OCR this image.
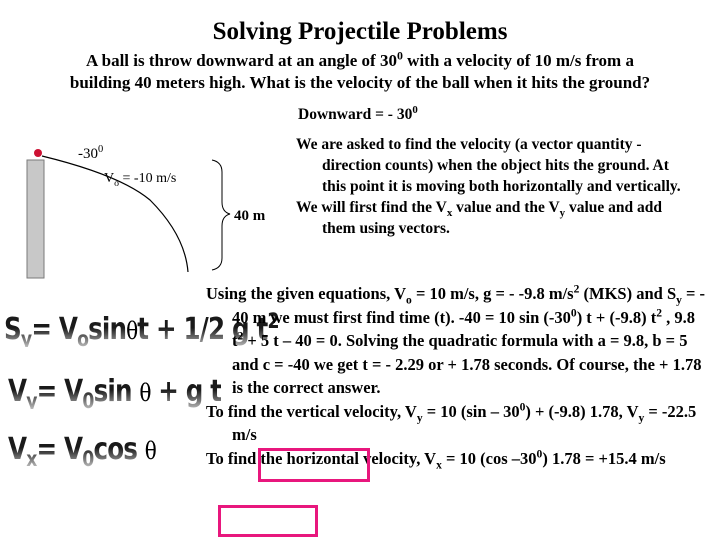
Solving Projectile Problems
A ball is throw downward at an angle of $30^0$ with a velocity of 10 m/s from a
building 40 meters high. What is the velocity of the ball when it hits the ground?
Downward = - $30^0$

We are asked to find the velocity (a vector quantity - direction counts) when the object hits the ground. At this point it is moving both horizontally and vertically.

We will first find the $V_x$ value and the $V_y$ value and add them using vectors.

$-30^0$
$V_o = -10$ m/s
40 m
$S_y= V_o\sin\theta t + 1/2$ g $t^2$
$V_y= V_0\sin$ θ + g t
$V_x= V_0\cos$ θ

Using the given equations, $V_o = 10$ m/s, g = - -9.8 $m/s^2$ (MKS) and $S_y$ = - 40 m we must first find time (t). -40 = 10 $\sin (-30^0) t + (-9.8)$ $t^2$ , 9.8 $t^2 + 5$ t – 40 = 0. Solving the quadratic formula with a = 9.8, b = 5 and c = -40 we get t = - 2.29 or + 1.78 seconds. Of course, the + 1.78 is the correct answer.

To find the vertical velocity, $V_y = 10$ $(\sin - 30^0) + (-9.8)$ 1.78, $V_y = -22.5$ m/s

To find the horizontal velocity, $V_x = 10$ (cos $-30^0$) 1.78 = +15.4 m/s
